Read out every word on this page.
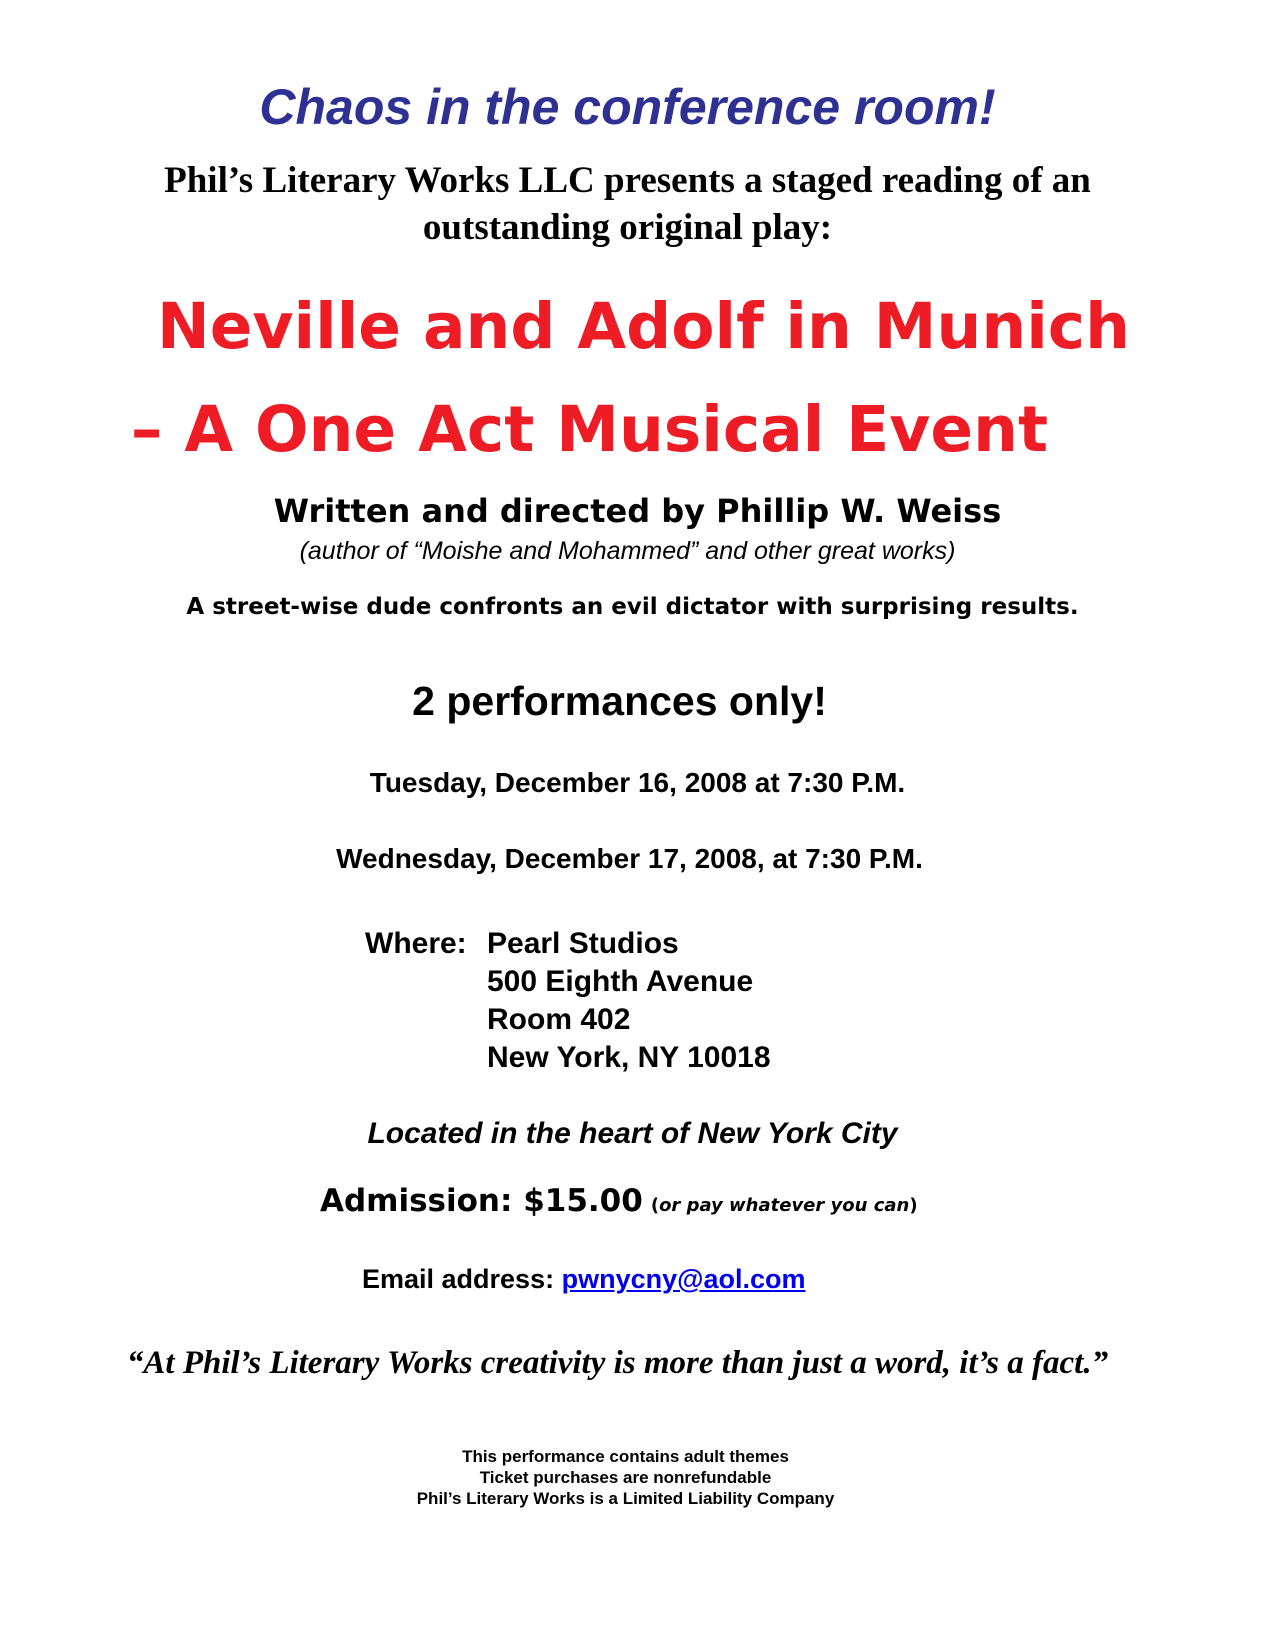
Chaos in the conference room!
Phil’s Literary Works LLC presents a staged reading of an
outstanding original play:
Neville and Adolf in Munich
– A One Act Musical Event
Written and directed by Phillip W. Weiss
(author of “Moishe and Mohammed” and other great works)
A street-wise dude confronts an evil dictator with surprising results.
2 performances only!
Tuesday, December 16, 2008 at 7:30 P.M.
Wednesday, December 17, 2008, at 7:30 P.M.
Where: Pearl Studios
500 Eighth Avenue
Room 402
New York, NY 10018
Located in the heart of New York City
Admission: $15.00 (or pay whatever you can)
Email address: pwnycny@aol.com
“At Phil’s Literary Works creativity is more than just a word, it’s a fact.”
This performance contains adult themes
Ticket purchases are nonrefundable
Phil’s Literary Works is a Limited Liability Company
